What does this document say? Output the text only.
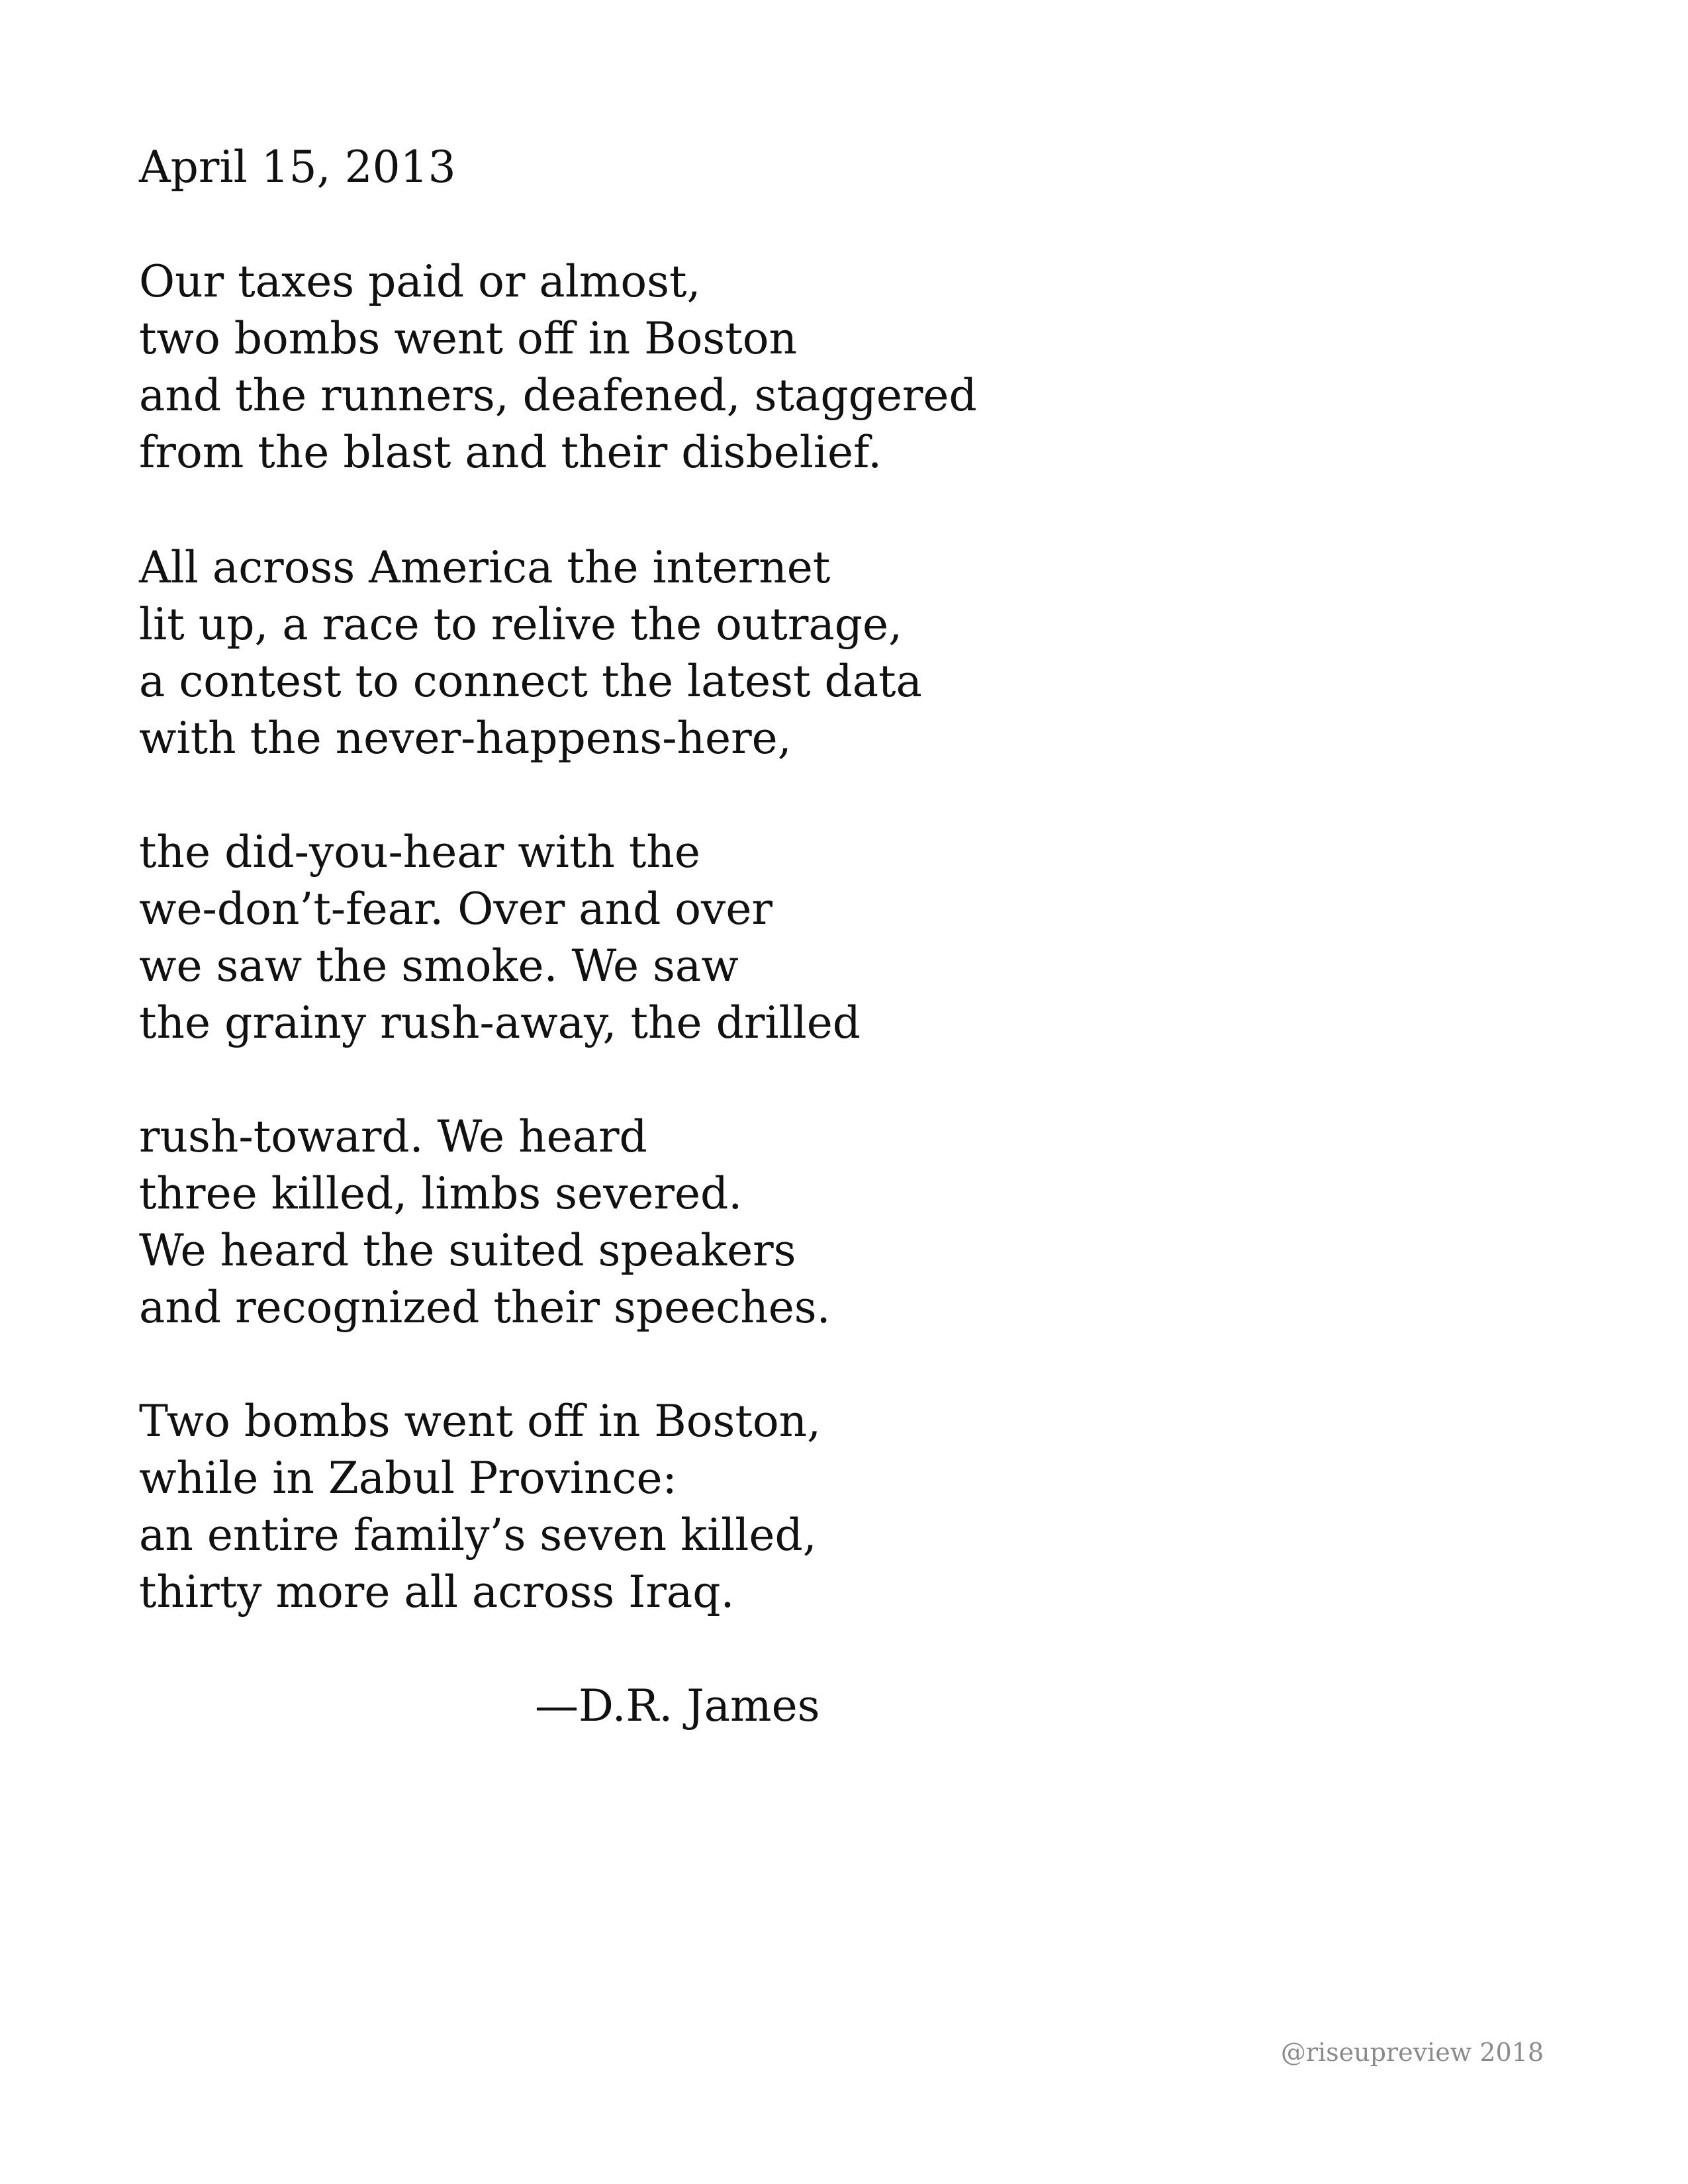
April 15, 2013
Our taxes paid or almost,
two bombs went off in Boston
and the runners, deafened, staggered
from the blast and their disbelief.
All across America the internet
lit up, a race to relive the outrage,
a contest to connect the latest data
with the never-happens-here,
the did-you-hear with the
we-don’t-fear. Over and over
we saw the smoke. We saw
the grainy rush-away, the drilled
rush-toward. We heard
three killed, limbs severed.
We heard the suited speakers
and recognized their speeches.
Two bombs went off in Boston,
while in Zabul Province:
an entire family’s seven killed,
thirty more all across Iraq.
—D.R. James
@riseupreview 2018
